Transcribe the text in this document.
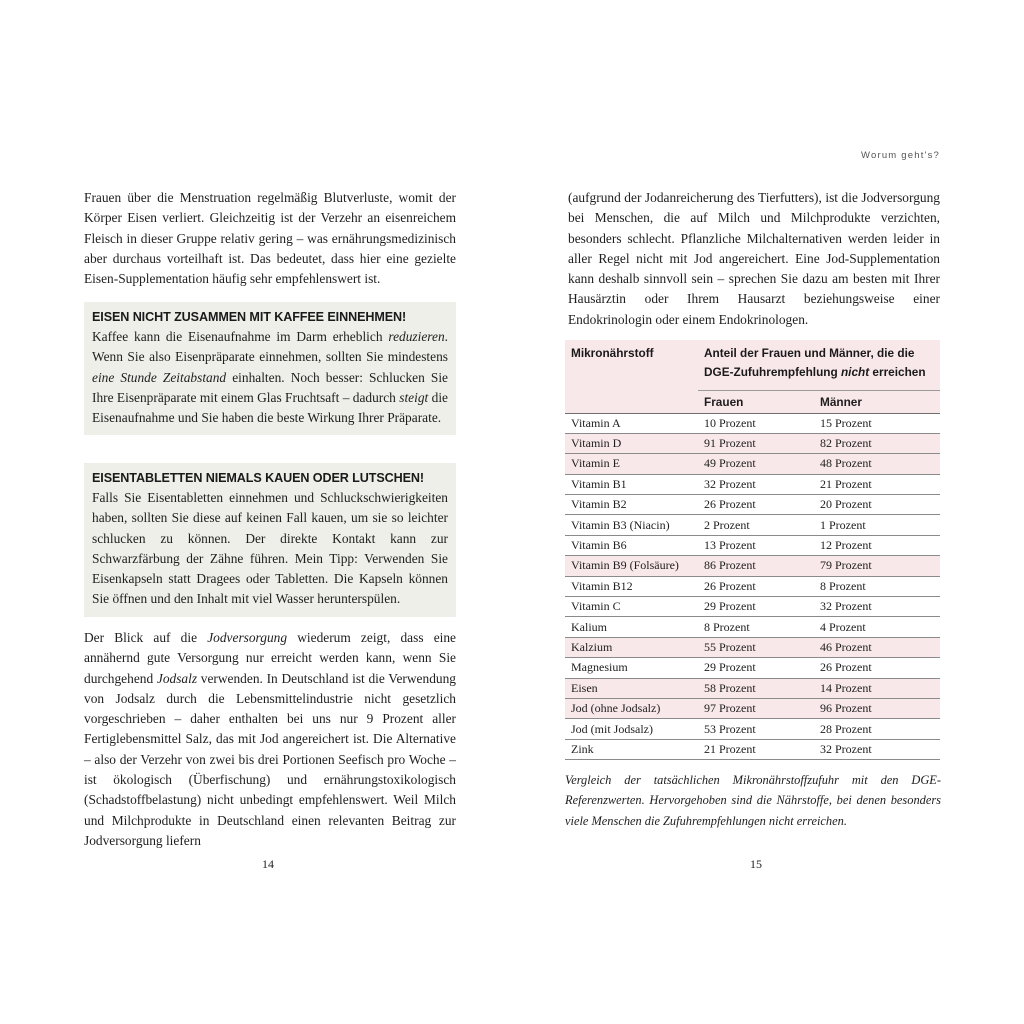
Frauen über die Menstruation regelmäßig Blutverluste, womit der Körper Eisen verliert. Gleichzeitig ist der Verzehr an eisenreichem Fleisch in dieser Gruppe relativ gering – was ernährungsmedizinisch aber durchaus vorteilhaft ist. Das bedeutet, dass hier eine gezielte Eisen-Supplementation häufig sehr empfehlenswert ist.

EISEN NICHT ZUSAMMEN MIT KAFFEE EINNEHMEN!

Kaffee kann die Eisenaufnahme im Darm erheblich reduzieren. Wenn Sie also Eisenpräparate einnehmen, sollten Sie mindestens eine Stunde Zeitabstand einhalten. Noch besser: Schlucken Sie Ihre Eisenpräparate mit einem Glas Fruchtsaft – dadurch steigt die Eisenaufnahme und Sie haben die beste Wirkung Ihrer Präparate.

EISENTABLETTEN NIEMALS KAUEN ODER LUTSCHEN!

Falls Sie Eisentabletten einnehmen und Schluckschwierigkeiten haben, sollten Sie diese auf keinen Fall kauen, um sie so leichter schlucken zu können. Der direkte Kontakt kann zur Schwarzfärbung der Zähne führen. Mein Tipp: Verwenden Sie Eisenkapseln statt Dragees oder Tabletten. Die Kapseln können Sie öffnen und den Inhalt mit viel Wasser herunterspülen.

Der Blick auf die Jodversorgung wiederum zeigt, dass eine annähernd gute Versorgung nur erreicht werden kann, wenn Sie durchgehend Jodsalz verwenden. In Deutschland ist die Verwendung von Jodsalz durch die Lebensmittelindustrie nicht gesetzlich vorgeschrieben – daher enthalten bei uns nur 9 Prozent aller Fertiglebensmittel Salz, das mit Jod angereichert ist. Die Alternative – also der Verzehr von zwei bis drei Portionen Seefisch pro Woche – ist ökologisch (Überfischung) und ernährungstoxikologisch (Schadstoffbelastung) nicht unbedingt empfehlenswert. Weil Milch und Milchprodukte in Deutschland einen relevanten Beitrag zur Jodversorgung liefern

14
Worum geht's?

(aufgrund der Jodanreicherung des Tierfutters), ist die Jodversorgung bei Menschen, die auf Milch und Milchprodukte verzichten, besonders schlecht. Pflanzliche Milchalternativen werden leider in aller Regel nicht mit Jod angereichert. Eine Jod-Supplementation kann deshalb sinnvoll sein – sprechen Sie dazu am besten mit Ihrer Hausärztin oder Ihrem Hausarzt beziehungsweise einer Endokrinologin oder einem Endokrinologen.

Mikronährstoff	Anteil der Frauen und Männer, die die
DGE-Zufuhrempfehlung nicht erreichen	

	Frauen	Männer
Vitamin A	10 Prozent	15 Prozent
Vitamin D	91 Prozent	82 Prozent
Vitamin E	49 Prozent	48 Prozent
Vitamin B1	32 Prozent	21 Prozent
Vitamin B2	26 Prozent	20 Prozent
Vitamin B3 (Niacin)	2 Prozent	1 Prozent
Vitamin B6	13 Prozent	12 Prozent
Vitamin B9 (Folsäure)	86 Prozent	79 Prozent
Vitamin B12	26 Prozent	8 Prozent
Vitamin C	29 Prozent	32 Prozent
Kalium	8 Prozent	4 Prozent
Kalzium	55 Prozent	46 Prozent
Magnesium	29 Prozent	26 Prozent
Eisen	58 Prozent	14 Prozent
Jod (ohne Jodsalz)	97 Prozent	96 Prozent
Jod (mit Jodsalz)	53 Prozent	28 Prozent
Zink	21 Prozent	32 Prozent

Vergleich der tatsächlichen Mikronährstoffzufuhr mit den DGE-Referenzwerten. Hervorgehoben sind die Nährstoffe, bei denen besonders viele Menschen die Zufuhrempfehlungen nicht erreichen.

15
